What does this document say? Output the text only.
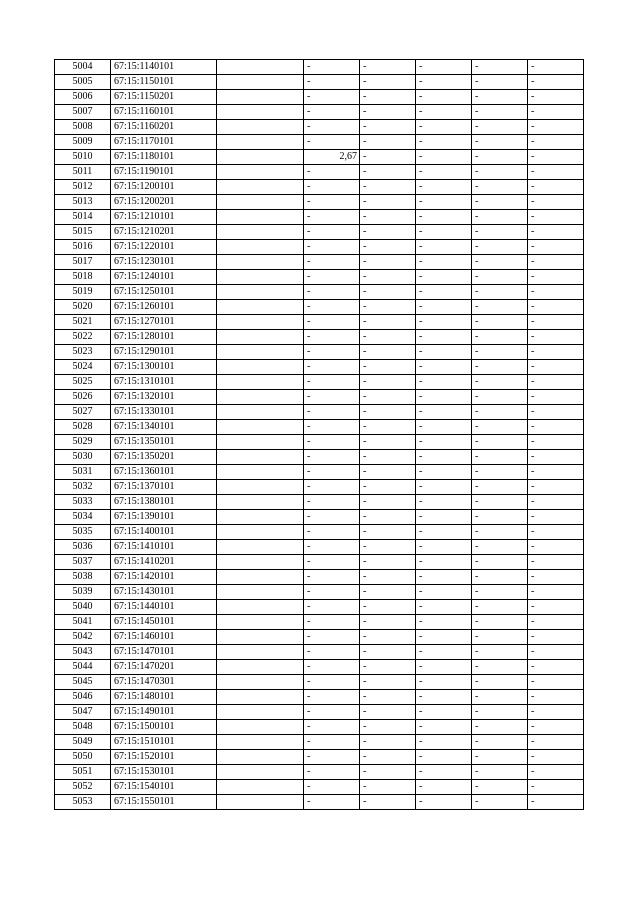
5004	67:15:1140101		-	-	-	-	-
5005	67:15:1150101		-	-	-	-	-
5006	67:15:1150201		-	-	-	-	-
5007	67:15:1160101		-	-	-	-	-
5008	67:15:1160201		-	-	-	-	-
5009	67:15:1170101		-	-	-	-	-
5010	67:15:1180101		2,67	-	-	-	-
5011	67:15:1190101		-	-	-	-	-
5012	67:15:1200101		-	-	-	-	-
5013	67:15:1200201		-	-	-	-	-
5014	67:15:1210101		-	-	-	-	-
5015	67:15:1210201		-	-	-	-	-
5016	67:15:1220101		-	-	-	-	-
5017	67:15:1230101		-	-	-	-	-
5018	67:15:1240101		-	-	-	-	-
5019	67:15:1250101		-	-	-	-	-
5020	67:15:1260101		-	-	-	-	-
5021	67:15:1270101		-	-	-	-	-
5022	67:15:1280101		-	-	-	-	-
5023	67:15:1290101		-	-	-	-	-
5024	67:15:1300101		-	-	-	-	-
5025	67:15:1310101		-	-	-	-	-
5026	67:15:1320101		-	-	-	-	-
5027	67:15:1330101		-	-	-	-	-
5028	67:15:1340101		-	-	-	-	-
5029	67:15:1350101		-	-	-	-	-
5030	67:15:1350201		-	-	-	-	-
5031	67:15:1360101		-	-	-	-	-
5032	67:15:1370101		-	-	-	-	-
5033	67:15:1380101		-	-	-	-	-
5034	67:15:1390101		-	-	-	-	-
5035	67:15:1400101		-	-	-	-	-
5036	67:15:1410101		-	-	-	-	-
5037	67:15:1410201		-	-	-	-	-
5038	67:15:1420101		-	-	-	-	-
5039	67:15:1430101		-	-	-	-	-
5040	67:15:1440101		-	-	-	-	-
5041	67:15:1450101		-	-	-	-	-
5042	67:15:1460101		-	-	-	-	-
5043	67:15:1470101		-	-	-	-	-
5044	67:15:1470201		-	-	-	-	-
5045	67:15:1470301		-	-	-	-	-
5046	67:15:1480101		-	-	-	-	-
5047	67:15:1490101		-	-	-	-	-
5048	67:15:1500101		-	-	-	-	-
5049	67:15:1510101		-	-	-	-	-
5050	67:15:1520101		-	-	-	-	-
5051	67:15:1530101		-	-	-	-	-
5052	67:15:1540101		-	-	-	-	-
5053	67:15:1550101		-	-	-	-	-
